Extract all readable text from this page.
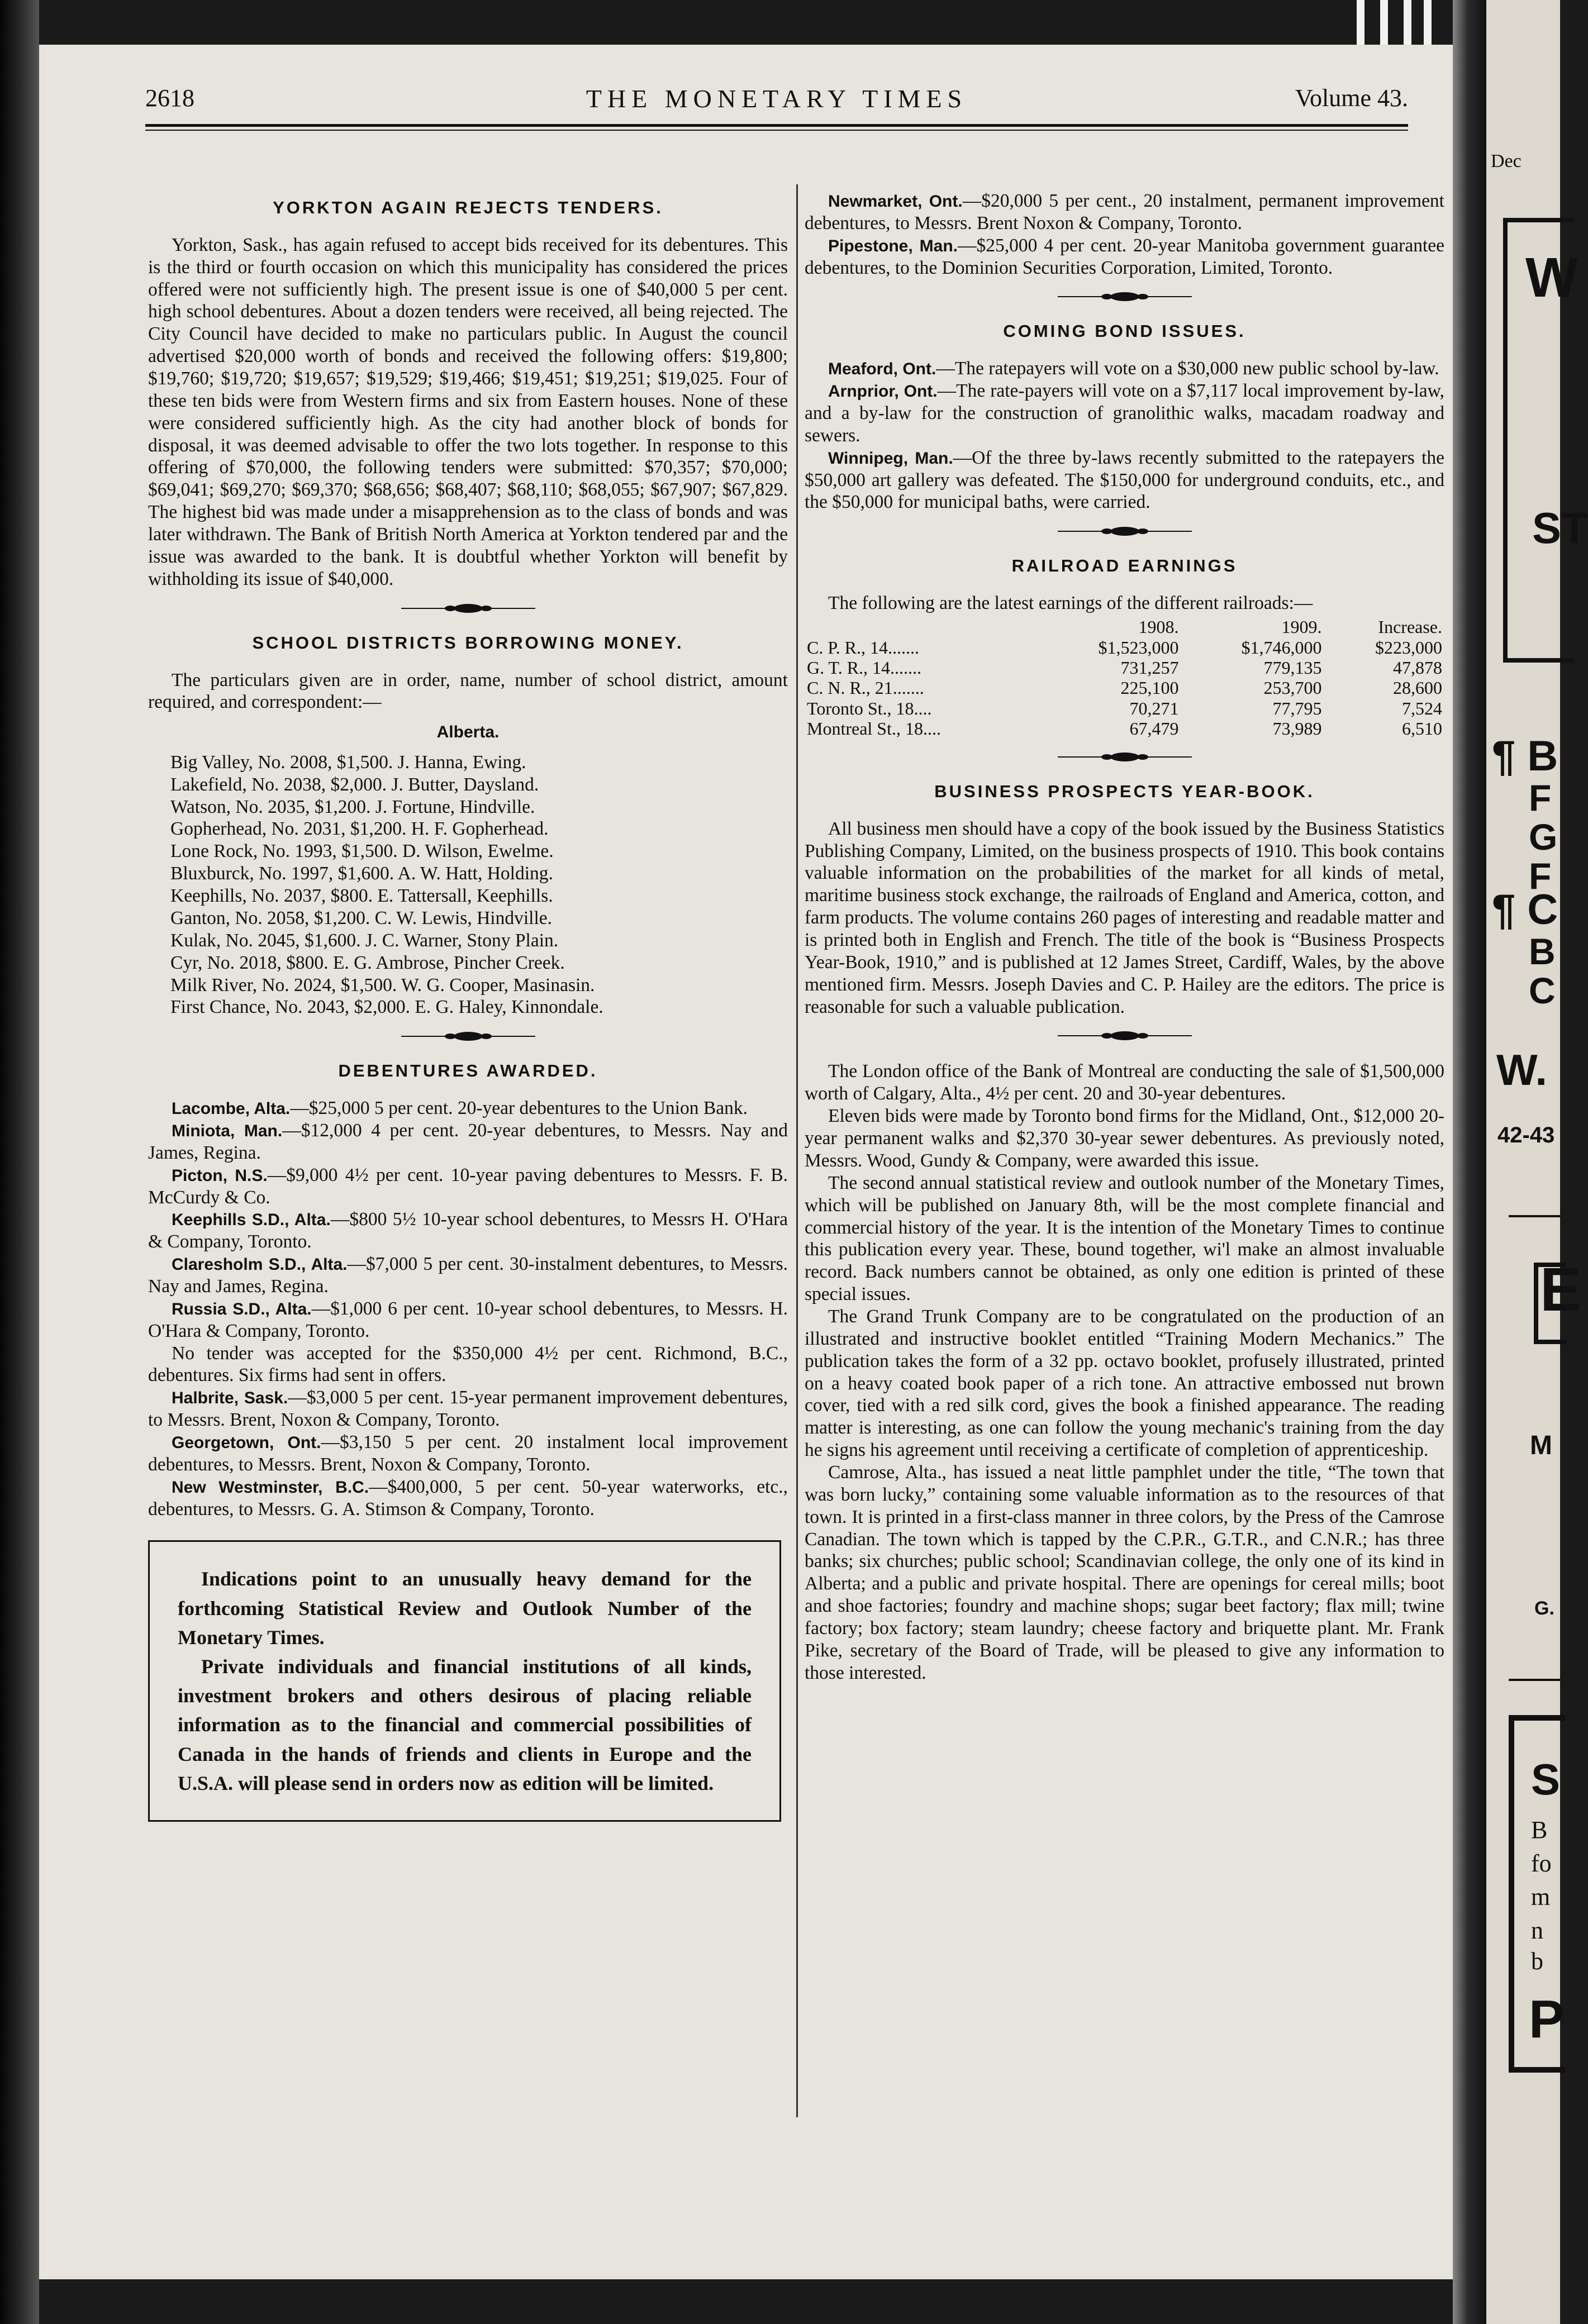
2618	THE MONETARY TIMES	Volume 43.
YORKTON AGAIN REJECTS TENDERS.

Yorkton, Sask., has again refused to accept bids received for its debentures. This is the third or fourth occasion on which this municipality has considered the prices offered were not sufficiently high. The present issue is one of $40,000 5 per cent. high school debentures. About a dozen tenders were received, all being rejected. The City Council have decided to make no particulars public. In August the council advertised $20,000 worth of bonds and received the following offers: $19,800; $19,760; $19,720; $19,657; $19,529; $19,466; $19,451; $19,251; $19,025. Four of these ten bids were from Western firms and six from Eastern houses. None of these were considered sufficiently high. As the city had another block of bonds for disposal, it was deemed advisable to offer the two lots together. In response to this offering of $70,000, the following tenders were submitted: $70,357; $70,000; $69,041; $69,270; $69,370; $68,656; $68,407; $68,110; $68,055; $67,907; $67,829. The highest bid was made under a misapprehension as to the class of bonds and was later withdrawn. The Bank of British North America at Yorkton tendered par and the issue was awarded to the bank. It is doubtful whether Yorkton will benefit by withholding its issue of $40,000.

SCHOOL DISTRICTS BORROWING MONEY.

The particulars given are in order, name, number of school district, amount required, and correspondent:—

Alberta.

Big Valley, No. 2008, $1,500. J. Hanna, Ewing.

Lakefield, No. 2038, $2,000. J. Butter, Daysland.

Watson, No. 2035, $1,200. J. Fortune, Hindville.

Gopherhead, No. 2031, $1,200. H. F. Gopherhead.

Lone Rock, No. 1993, $1,500. D. Wilson, Ewelme.

Bluxburck, No. 1997, $1,600. A. W. Hatt, Holding.

Keephills, No. 2037, $800. E. Tattersall, Keephills.

Ganton, No. 2058, $1,200. C. W. Lewis, Hindville.

Kulak, No. 2045, $1,600. J. C. Warner, Stony Plain.

Cyr, No. 2018, $800. E. G. Ambrose, Pincher Creek.

Milk River, No. 2024, $1,500. W. G. Cooper, Masinasin.

First Chance, No. 2043, $2,000. E. G. Haley, Kinnondale.

DEBENTURES AWARDED.

Lacombe, Alta.—$25,000 5 per cent. 20-year debentures to the Union Bank.

Miniota, Man.—$12,000 4 per cent. 20-year debentures, to Messrs. Nay and James, Regina.

Picton, N.S.—$9,000 4½ per cent. 10-year paving debentures to Messrs. F. B. McCurdy & Co.

Keephills S.D., Alta.—$800 5½ 10-year school debentures, to Messrs H. O'Hara & Company, Toronto.

Claresholm S.D., Alta.—$7,000 5 per cent. 30-instalment debentures, to Messrs. Nay and James, Regina.

Russia S.D., Alta.—$1,000 6 per cent. 10-year school debentures, to Messrs. H. O'Hara & Company, Toronto.

No tender was accepted for the $350,000 4½ per cent. Richmond, B.C., debentures. Six firms had sent in offers.

Halbrite, Sask.—$3,000 5 per cent. 15-year permanent improvement debentures, to Messrs. Brent, Noxon & Company, Toronto.

Georgetown, Ont.—$3,150 5 per cent. 20 instalment local improvement debentures, to Messrs. Brent, Noxon & Company, Toronto.

New Westminster, B.C.—$400,000, 5 per cent. 50-year waterworks, etc., debentures, to Messrs. G. A. Stimson & Company, Toronto.

Indications point to an unusually heavy demand for the forthcoming Statistical Review and Outlook Number of the Monetary Times.

Private individuals and financial institutions of all kinds, investment brokers and others desirous of placing reliable information as to the financial and commercial possibilities of Canada in the hands of friends and clients in Europe and the U.S.A. will please send in orders now as edition will be limited.

Newmarket, Ont.—$20,000 5 per cent., 20 instalment, permanent improvement debentures, to Messrs. Brent Noxon & Company, Toronto.

Pipestone, Man.—$25,000 4 per cent. 20-year Manitoba government guarantee debentures, to the Dominion Securities Corporation, Limited, Toronto.

COMING BOND ISSUES.

Meaford, Ont.—The ratepayers will vote on a $30,000 new public school by-law.

Arnprior, Ont.—The rate-payers will vote on a $7,117 local improvement by-law, and a by-law for the construction of granolithic walks, macadam roadway and sewers.

Winnipeg, Man.—Of the three by-laws recently submitted to the ratepayers the $50,000 art gallery was defeated. The $150,000 for underground conduits, etc., and the $50,000 for municipal baths, were carried.

RAILROAD EARNINGS

The following are the latest earnings of the different railroads:—

	1908.	1909.	Increase.
C. P. R., 14.......	$1,523,000	$1,746,000	$223,000
G. T. R., 14.......	731,257	779,135	47,878
C. N. R., 21.......	225,100	253,700	28,600
Toronto St., 18....	70,271	77,795	7,524
Montreal St., 18....	67,479	73,989	6,510
BUSINESS PROSPECTS YEAR-BOOK.

All business men should have a copy of the book issued by the Business Statistics Publishing Company, Limited, on the business prospects of 1910. This book contains valuable information on the probabilities of the market for all kinds of metal, maritime business stock exchange, the railroads of England and America, cotton, and farm products. The volume contains 260 pages of interesting and readable matter and is printed both in English and French. The title of the book is “Business Prospects Year-Book, 1910,” and is published at 12 James Street, Cardiff, Wales, by the above mentioned firm. Messrs. Joseph Davies and C. P. Hailey are the editors. The price is reasonable for such a valuable publication.

The London office of the Bank of Montreal are conducting the sale of $1,500,000 worth of Calgary, Alta., 4½ per cent. 20 and 30-year debentures.

Eleven bids were made by Toronto bond firms for the Midland, Ont., $12,000 20-year permanent walks and $2,370 30-year sewer debentures. As previously noted, Messrs. Wood, Gundy & Company, were awarded this issue.

The second annual statistical review and outlook number of the Monetary Times, which will be published on January 8th, will be the most complete financial and commercial history of the year. It is the intention of the Monetary Times to continue this publication every year. These, bound together, wi'l make an almost invaluable record. Back numbers cannot be obtained, as only one edition is printed of these special issues.

The Grand Trunk Company are to be congratulated on the production of an illustrated and instructive booklet entitled “Training Modern Mechanics.” The publication takes the form of a 32 pp. octavo booklet, profusely illustrated, printed on a heavy coated book paper of a rich tone. An attractive embossed nut brown cover, tied with a red silk cord, gives the book a finished appearance. The reading matter is interesting, as one can follow the young mechanic's training from the day he signs his agreement until receiving a certificate of completion of apprenticeship.

Camrose, Alta., has issued a neat little pamphlet under the title, “The town that was born lucky,” containing some valuable information as to the resources of that town. It is printed in a first-class manner in three colors, by the Press of the Camrose Canadian. The town which is tapped by the C.P.R., G.T.R., and C.N.R.; has three banks; six churches; public school; Scandinavian college, the only one of its kind in Alberta; and a public and private hospital. There are openings for cereal mills; boot and shoe factories; foundry and machine shops; sugar beet factory; flax mill; twine factory; box factory; steam laundry; cheese factory and briquette plant. Mr. Frank Pike, secretary of the Board of Trade, will be pleased to give any information to those interested.

Dec
W
ST
¶ B
F
G
F
¶ C
B
C
W.
42-43
E
M
G.
S
B
fo
m
n
b
P
